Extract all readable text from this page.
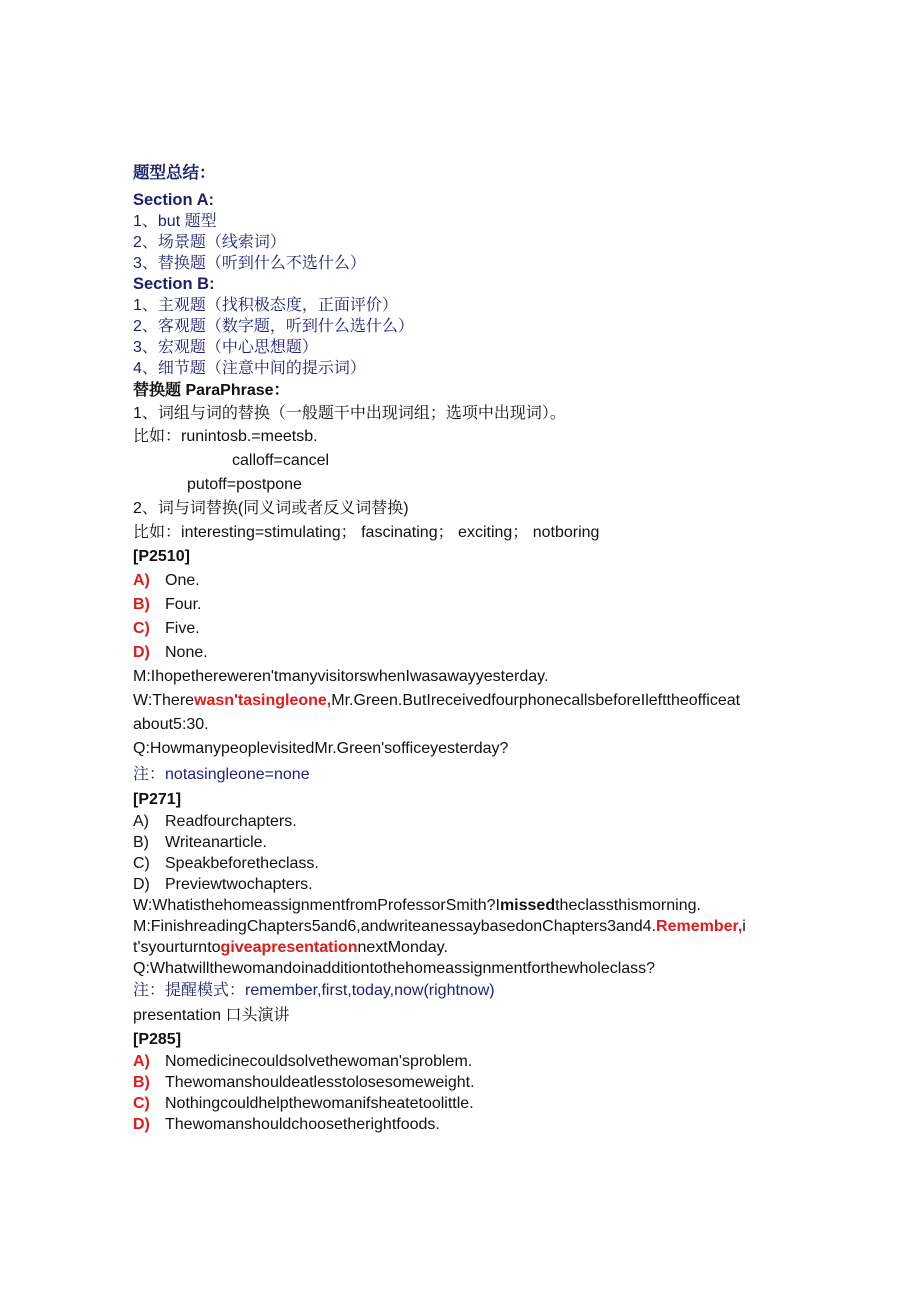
题型总结：
Section A:
1、but 题型
2、场景题（线索词）
3、替换题（听到什么不选什么）
Section B:
1、主观题（找积极态度，正面评价）
2、客观题（数字题，听到什么选什么）
3、宏观题（中心思想题）
4、细节题（注意中间的提示词）
替换题 ParaPhrase：
1、词组与词的替换（一般题干中出现词组；选项中出现词）。
比如：runintosb.=meetsb.
calloff=cancel
putoff=postpone
2、词与词替换(同义词或者反义词替换)
比如：interesting=stimulating； fascinating； exciting； notboring
[P2510]
A) One.
B) Four.
C) Five.
D) None.
M:Ihopethereweren'tmanyvisitorswhenIwasawayyesterday.
W:Therewasn'tasingleone,Mr.Green.ButIreceivedfourphonecallsbeforeIlefttheofficeat
about5:30.
Q:HowmanypeoplevisitedMr.Green'sofficeyesterday?
注：notasingleone=none
[P271]
A) Readfourchapters.
B) Writeanarticle.
C) Speakbeforetheclass.
D) Previewtwochapters.
W:WhatisthehomeassignmentfromProfessorSmith?Imissedtheclassthismorning.
M:FinishreadingChapters5and6,andwriteanessaybasedonChapters3and4.Remember,i
t'syourturntogiveapresentationnextMonday.
Q:Whatwillthewomandoinadditiontothehomeassignmentforthewholeclass?
注：提醒模式：remember,first,today,now(rightnow)
presentation 口头演讲
[P285]
A) Nomedicinecouldsolvethewoman'sproblem.
B) Thewomanshouldeatlesstolosesomeweight.
C) Nothingcouldhelpthewomanifsheatetoolittle.
D) Thewomanshouldchoosetherightfoods.
